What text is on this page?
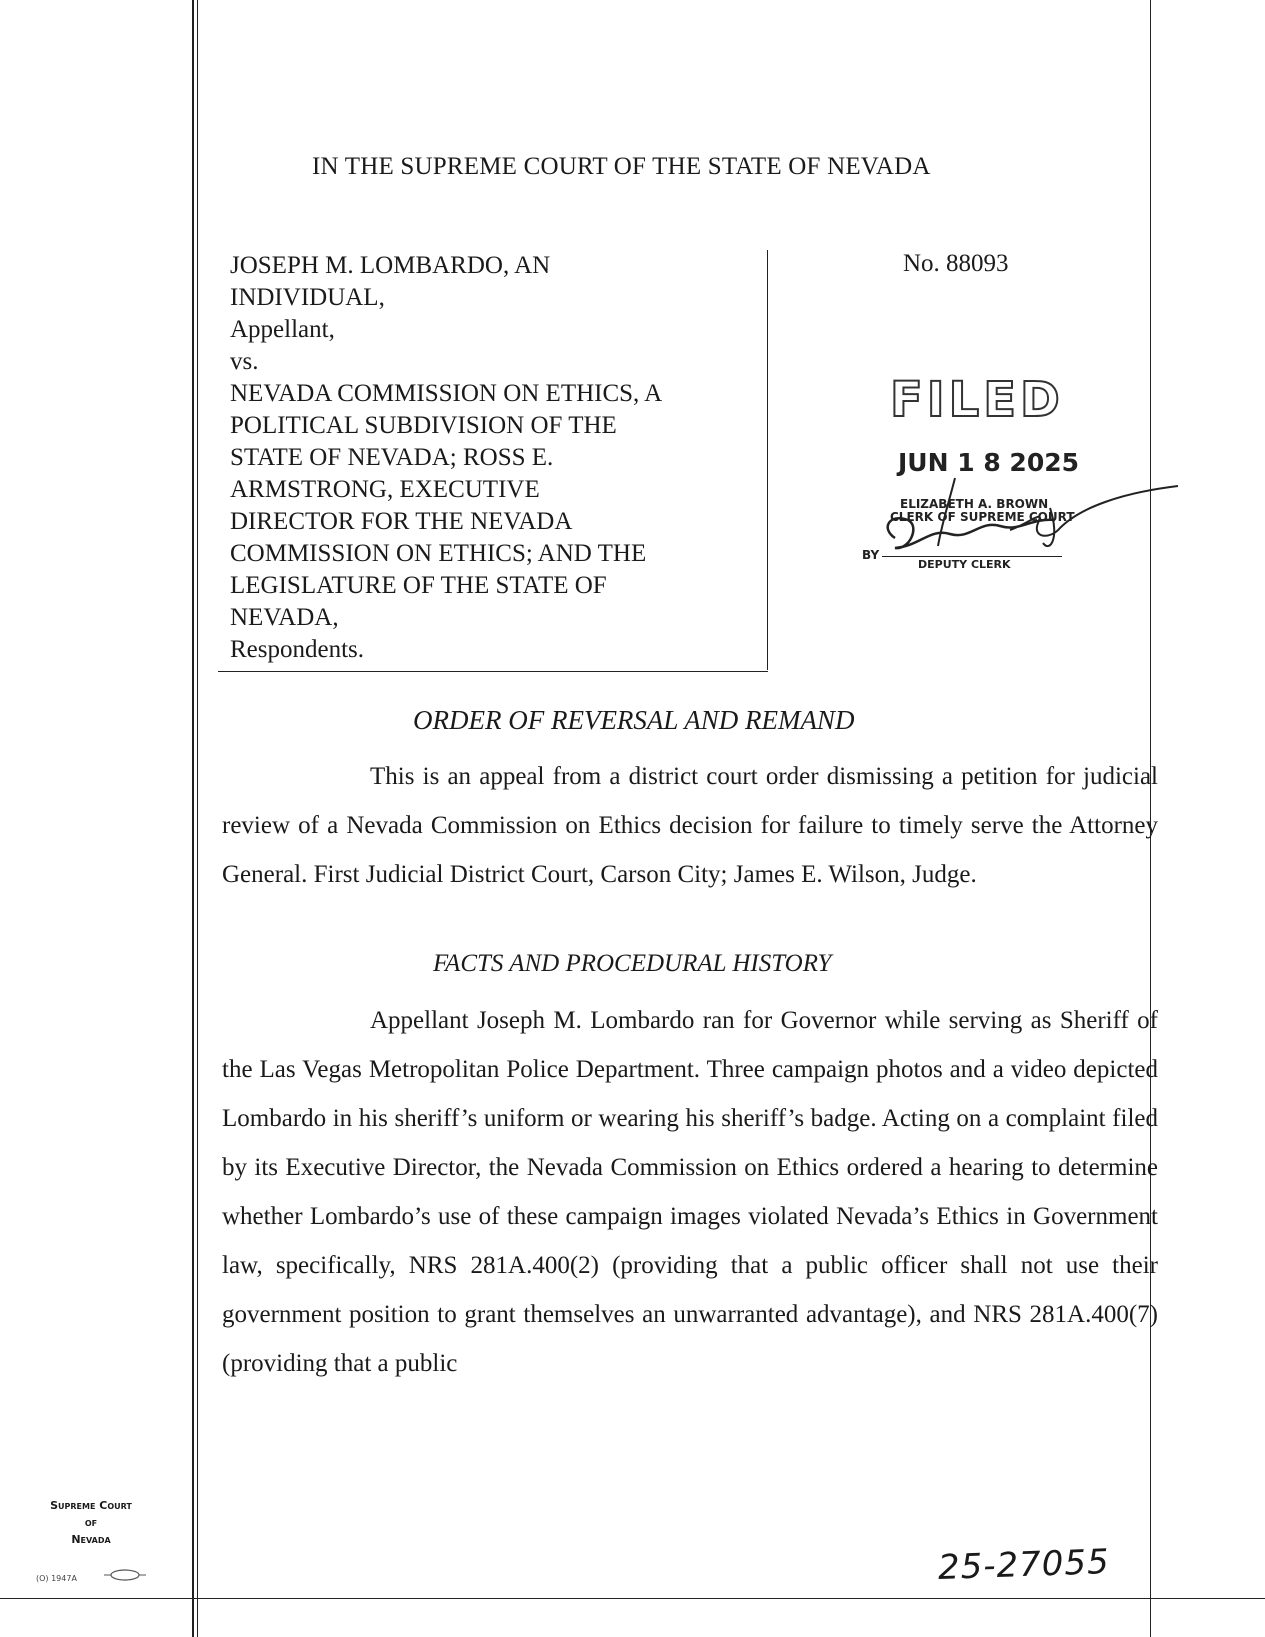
IN THE SUPREME COURT OF THE STATE OF NEVADA
JOSEPH M. LOMBARDO, AN
INDIVIDUAL,
Appellant,
vs.
NEVADA COMMISSION ON ETHICS, A
POLITICAL SUBDIVISION OF THE
STATE OF NEVADA; ROSS E.
ARMSTRONG, EXECUTIVE
DIRECTOR FOR THE NEVADA
COMMISSION ON ETHICS; AND THE
LEGISLATURE OF THE STATE OF
NEVADA,
Respondents.
No. 88093
FILED
JUN 1 8 2025
ELIZABETH A. BROWN
CLERK OF SUPREME COURT
BY
DEPUTY CLERK
ORDER OF REVERSAL AND REMAND
This is an appeal from a district court order dismissing a petition for judicial review of a Nevada Commission on Ethics decision for failure to timely serve the Attorney General. First Judicial District Court, Carson City; James E. Wilson, Judge.
FACTS AND PROCEDURAL HISTORY
Appellant Joseph M. Lombardo ran for Governor while serving as Sheriff of the Las Vegas Metropolitan Police Department. Three campaign photos and a video depicted Lombardo in his sheriff’s uniform or wearing his sheriff’s badge. Acting on a complaint filed by its Executive Director, the Nevada Commission on Ethics ordered a hearing to determine whether Lombardo’s use of these campaign images violated Nevada’s Ethics in Government law, specifically, NRS 281A.400(2) (providing that a public officer shall not use their government position to grant themselves an unwarranted advantage), and NRS 281A.400(7) (providing that a public
Supreme Court
of
Nevada
(O) 1947A	25-27055
